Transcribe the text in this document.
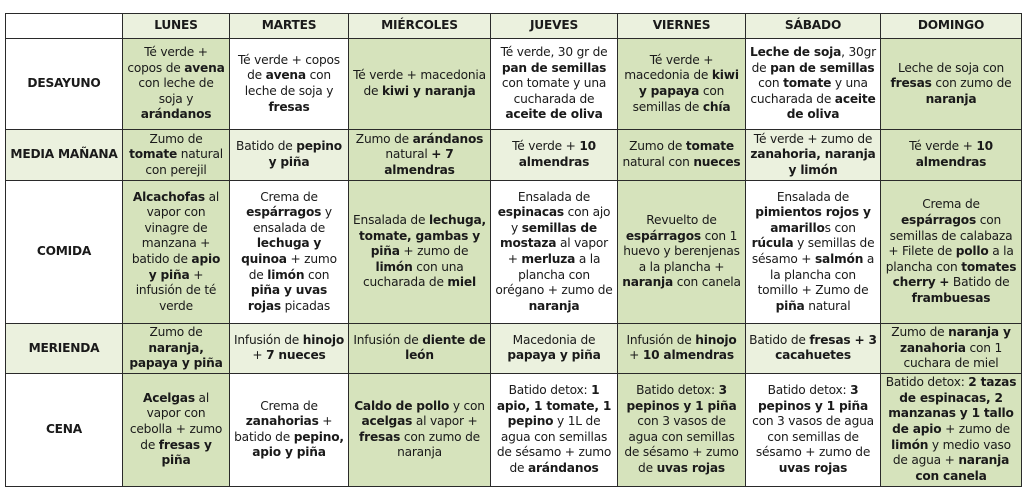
	LUNES	MARTES	MIÉRCOLES	JUEVES	VIERNES	SÁBADO	DOMINGO
DESAYUNO	Té verde + copos de avena con leche de soja y arándanos	Té verde + copos de avena con leche de soja y fresas	Té verde + macedonia de kiwi y naranja	Té verde, 30 gr de pan de semillas con tomate y una cucharada de aceite de oliva	Té verde + macedonia de kiwi y papaya con semillas de chía	Leche de soja, 30gr de pan de semillas con tomate y una cucharada de aceite de oliva	Leche de soja con fresas con zumo de naranja
MEDIA MAÑANA	Zumo de tomate natural con perejil	Batido de pepino y piña	Zumo de arándanos natural + 7 almendras	Té verde + 10 almendras	Zumo de tomate natural con nueces	Té verde + zumo de zanahoria, naranja y limón	Té verde + 10 almendras
COMIDA	Alcachofas al vapor con vinagre de manzana + batido de apio y piña + infusión de té verde	Crema de espárragos y ensalada de lechuga y quinoa + zumo de limón con piña y uvas rojas picadas	Ensalada de lechuga, tomate, gambas y piña + zumo de limón con una cucharada de miel	Ensalada de espinacas con ajo y semillas de mostaza al vapor + merluza a la plancha con orégano + zumo de naranja	Revuelto de espárragos con 1 huevo y berenjenas a la plancha + naranja con canela	Ensalada de pimientos rojos y amarillos con rúcula y semillas de sésamo + salmón a la plancha con tomillo + Zumo de piña natural	Crema de espárragos con semillas de calabaza + Filete de pollo a la plancha con tomates cherry + Batido de frambuesas
MERIENDA	Zumo de naranja, papaya y piña	Infusión de hinojo + 7 nueces	Infusión de diente de león	Macedonia de papaya y piña	Infusión de hinojo + 10 almendras	Batido de fresas + 3 cacahuetes	Zumo de naranja y zanahoria con 1 cuchara de miel
CENA	Acelgas al vapor con cebolla + zumo de fresas y piña	Crema de zanahorias + batido de pepino, apio y piña	Caldo de pollo y con acelgas al vapor + fresas con zumo de naranja	Batido detox: 1 apio, 1 tomate, 1 pepino y 1L de agua con semillas de sésamo + zumo de arándanos	Batido detox: 3 pepinos y 1 piña con 3 vasos de agua con semillas de sésamo + zumo de uvas rojas	Batido detox: 3 pepinos y 1 piña con 3 vasos de agua con semillas de sésamo + zumo de uvas rojas	Batido detox: 2 tazas de espinacas, 2 manzanas y 1 tallo de apio + zumo de limón y medio vaso de agua + naranja con canela
